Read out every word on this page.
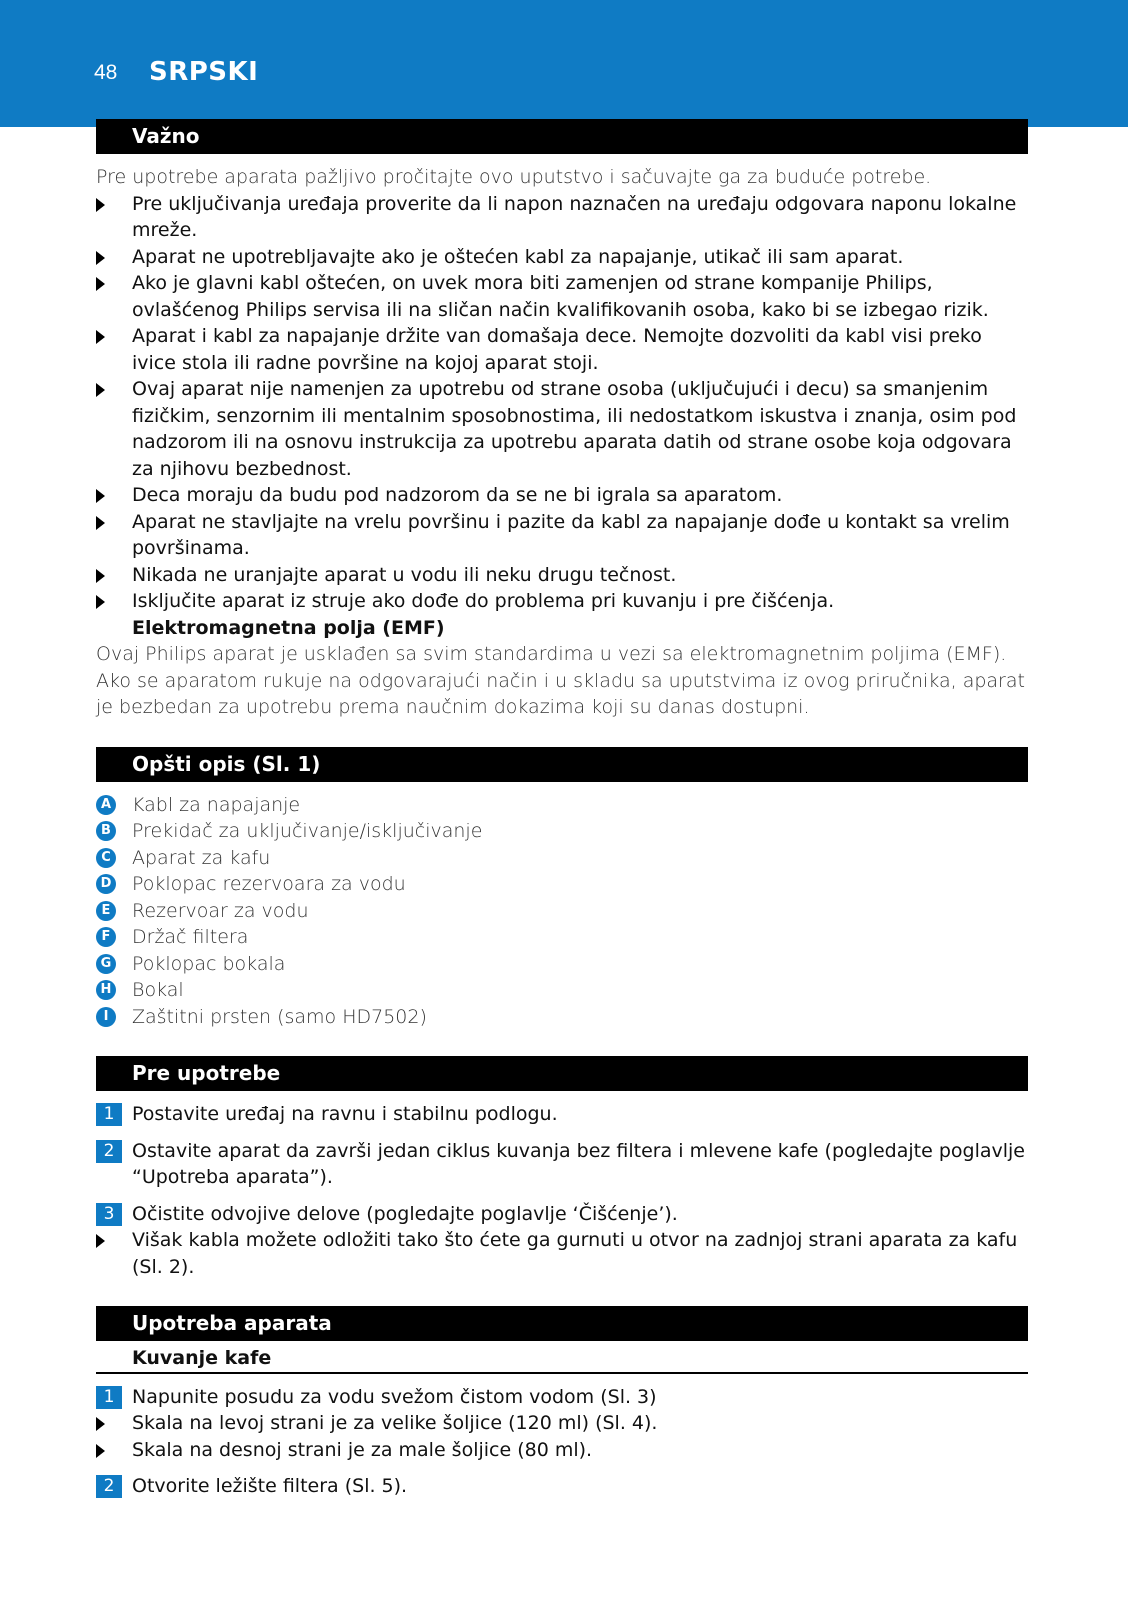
48 SRPSKI
Važno
Pre upotrebe aparata pažljivo pročitajte ovo uputstvo i sačuvajte ga za buduće potrebe.
Pre uključivanja uređaja proverite da li napon naznačen na uređaju odgovara naponu lokalne mreže.
Aparat ne upotrebljavajte ako je oštećen kabl za napajanje, utikač ili sam aparat.
Ako je glavni kabl oštećen, on uvek mora biti zamenjen od strane kompanije Philips, ovlašćenog Philips servisa ili na sličan način kvalifikovanih osoba, kako bi se izbegao rizik.
Aparat i kabl za napajanje držite van domašaja dece. Nemojte dozvoliti da kabl visi preko ivice stola ili radne površine na kojoj aparat stoji.
Ovaj aparat nije namenjen za upotrebu od strane osoba (uključujući i decu) sa smanjenim fizičkim, senzornim ili mentalnim sposobnostima, ili nedostatkom iskustva i znanja, osim pod nadzorom ili na osnovu instrukcija za upotrebu aparata datih od strane osobe koja odgovara za njihovu bezbednost.
Deca moraju da budu pod nadzorom da se ne bi igrala sa aparatom.
Aparat ne stavljajte na vrelu površinu i pazite da kabl za napajanje dođe u kontakt sa vrelim površinama.
Nikada ne uranjajte aparat u vodu ili neku drugu tečnost.
Isključite aparat iz struje ako dođe do problema pri kuvanju i pre čišćenja.
Elektromagnetna polja (EMF)
Ovaj Philips aparat je usklađen sa svim standardima u vezi sa elektromagnetnim poljima (EMF). Ako se aparatom rukuje na odgovarajući način i u skladu sa uputstvima iz ovog priručnika, aparat je bezbedan za upotrebu prema naučnim dokazima koji su danas dostupni.
Opšti opis (Sl. 1)
A Kabl za napajanje
B Prekidač za uključivanje/isključivanje
C Aparat za kafu
D Poklopac rezervoara za vodu
E Rezervoar za vodu
F Držač filtera
G Poklopac bokala
H Bokal
I	Zaštitni prsten (samo HD7502)
Pre upotrebe
1 Postavite uređaj na ravnu i stabilnu podlogu.
2 Ostavite aparat da završi jedan ciklus kuvanja bez filtera i mlevene kafe (pogledajte poglavlje “Upotreba aparata”).
3 Očistite odvojive delove (pogledajte poglavlje ‘Čišćenje’).
Višak kabla možete odložiti tako što ćete ga gurnuti u otvor na zadnjoj strani aparata za kafu (Sl. 2).
Upotreba aparata
Kuvanje kafe
1 Napunite posudu za vodu svežom čistom vodom (Sl. 3)
Skala na levoj strani je za velike šoljice (120 ml) (Sl. 4).
Skala na desnoj strani je za male šoljice (80 ml).
2 Otvorite ležište filtera (Sl. 5).
